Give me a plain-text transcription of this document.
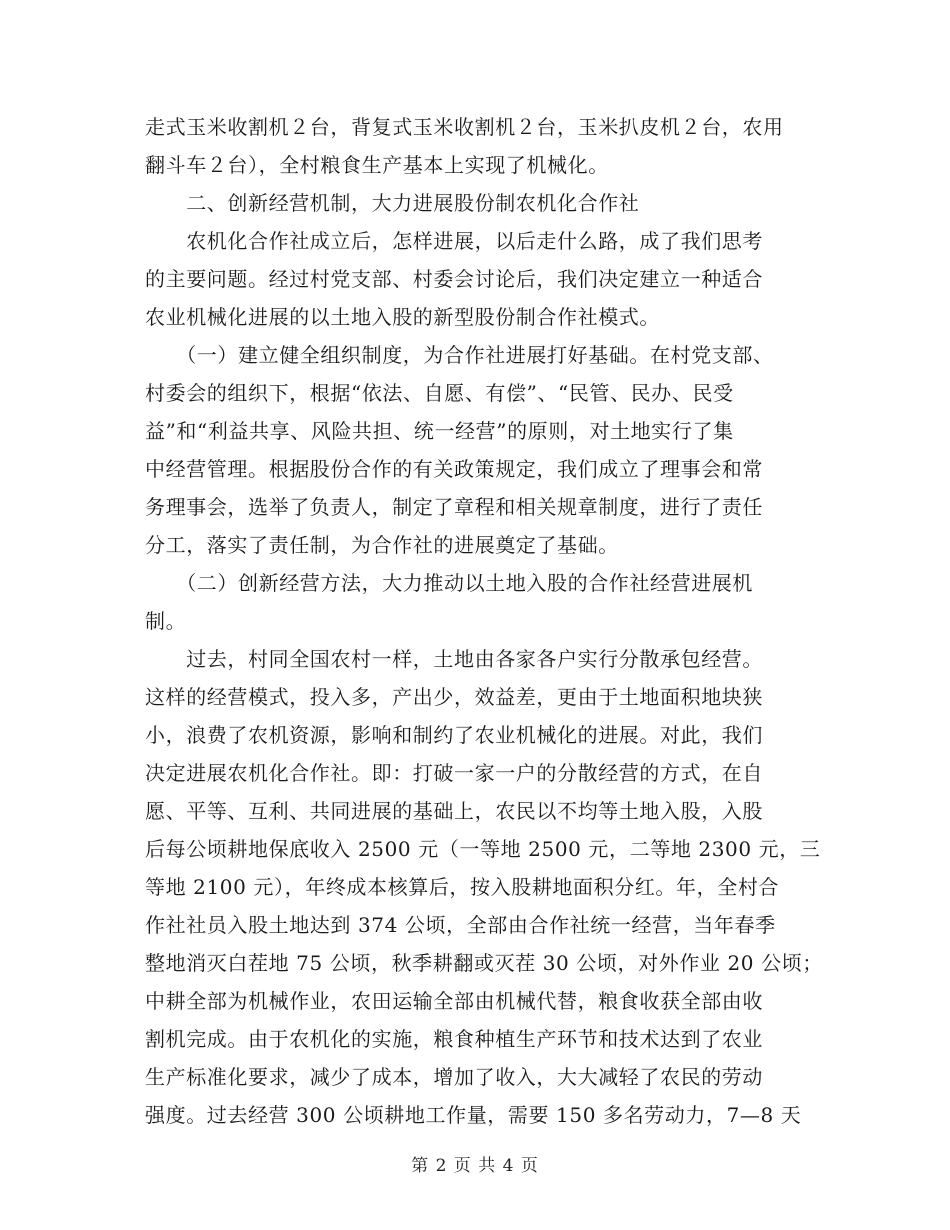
走式玉米收割机２台，背复式玉米收割机２台，玉米扒皮机２台，农用
翻斗车２台），全村粮食生产基本上实现了机械化。
　　二、创新经营机制，大力进展股份制农机化合作社
　　农机化合作社成立后，怎样进展，以后走什么路，成了我们思考
的主要问题。经过村党支部、村委会讨论后，我们决定建立一种适合
农业机械化进展的以土地入股的新型股份制合作社模式。
　　（一）建立健全组织制度，为合作社进展打好基础。在村党支部、
村委会的组织下，根据“依法、自愿、有偿”、“民管、民办、民受
益”和“利益共享、风险共担、统一经营”的原则，对土地实行了集
中经营管理。根据股份合作的有关政策规定，我们成立了理事会和常
务理事会，选举了负责人，制定了章程和相关规章制度，进行了责任
分工，落实了责任制，为合作社的进展奠定了基础。
　　（二）创新经营方法，大力推动以土地入股的合作社经营进展机
制。
　　过去，村同全国农村一样，土地由各家各户实行分散承包经营。
这样的经营模式，投入多，产出少，效益差，更由于土地面积地块狭
小，浪费了农机资源，影响和制约了农业机械化的进展。对此，我们
决定进展农机化合作社。即：打破一家一户的分散经营的方式，在自
愿、平等、互利、共同进展的基础上，农民以不均等土地入股，入股
后每公顷耕地保底收入 2500 元（一等地 2500 元，二等地 2300 元，三
等地 2100 元），年终成本核算后，按入股耕地面积分红。年，全村合
作社社员入股土地达到 374 公顷，全部由合作社统一经营，当年春季
整地消灭白茬地 75 公顷，秋季耕翻或灭茬 30 公顷，对外作业 20 公顷；
中耕全部为机械作业，农田运输全部由机械代替，粮食收获全部由收
割机完成。由于农机化的实施，粮食种植生产环节和技术达到了农业
生产标准化要求，减少了成本，增加了收入，大大减轻了农民的劳动
强度。过去经营 300 公顷耕地工作量，需要 150 多名劳动力，7—8 天
第 2 页 共 4 页
